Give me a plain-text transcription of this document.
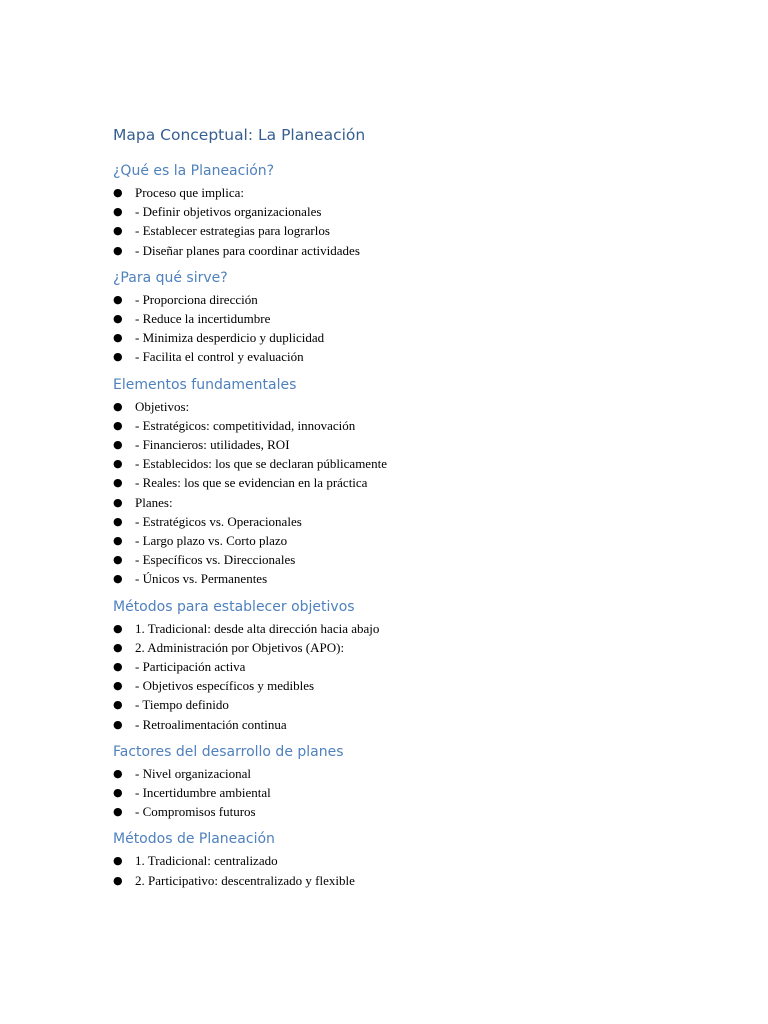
Mapa Conceptual: La Planeación
¿Qué es la Planeación?
● Proceso que implica:
● - Definir objetivos organizacionales
● - Establecer estrategias para lograrlos
● - Diseñar planes para coordinar actividades
¿Para qué sirve?
● - Proporciona dirección
● - Reduce la incertidumbre
● - Minimiza desperdicio y duplicidad
● - Facilita el control y evaluación
Elementos fundamentales
● Objetivos:
● - Estratégicos: competitividad, innovación
● - Financieros: utilidades, ROI
● - Establecidos: los que se declaran públicamente
● - Reales: los que se evidencian en la práctica
● Planes:
● - Estratégicos vs. Operacionales
● - Largo plazo vs. Corto plazo
● - Específicos vs. Direccionales
● - Únicos vs. Permanentes
Métodos para establecer objetivos
● 1. Tradicional: desde alta dirección hacia abajo
● 2. Administración por Objetivos (APO):
● - Participación activa
● - Objetivos específicos y medibles
● - Tiempo definido
● - Retroalimentación continua
Factores del desarrollo de planes
● - Nivel organizacional
● - Incertidumbre ambiental
● - Compromisos futuros
Métodos de Planeación
● 1. Tradicional: centralizado
● 2. Participativo: descentralizado y flexible
